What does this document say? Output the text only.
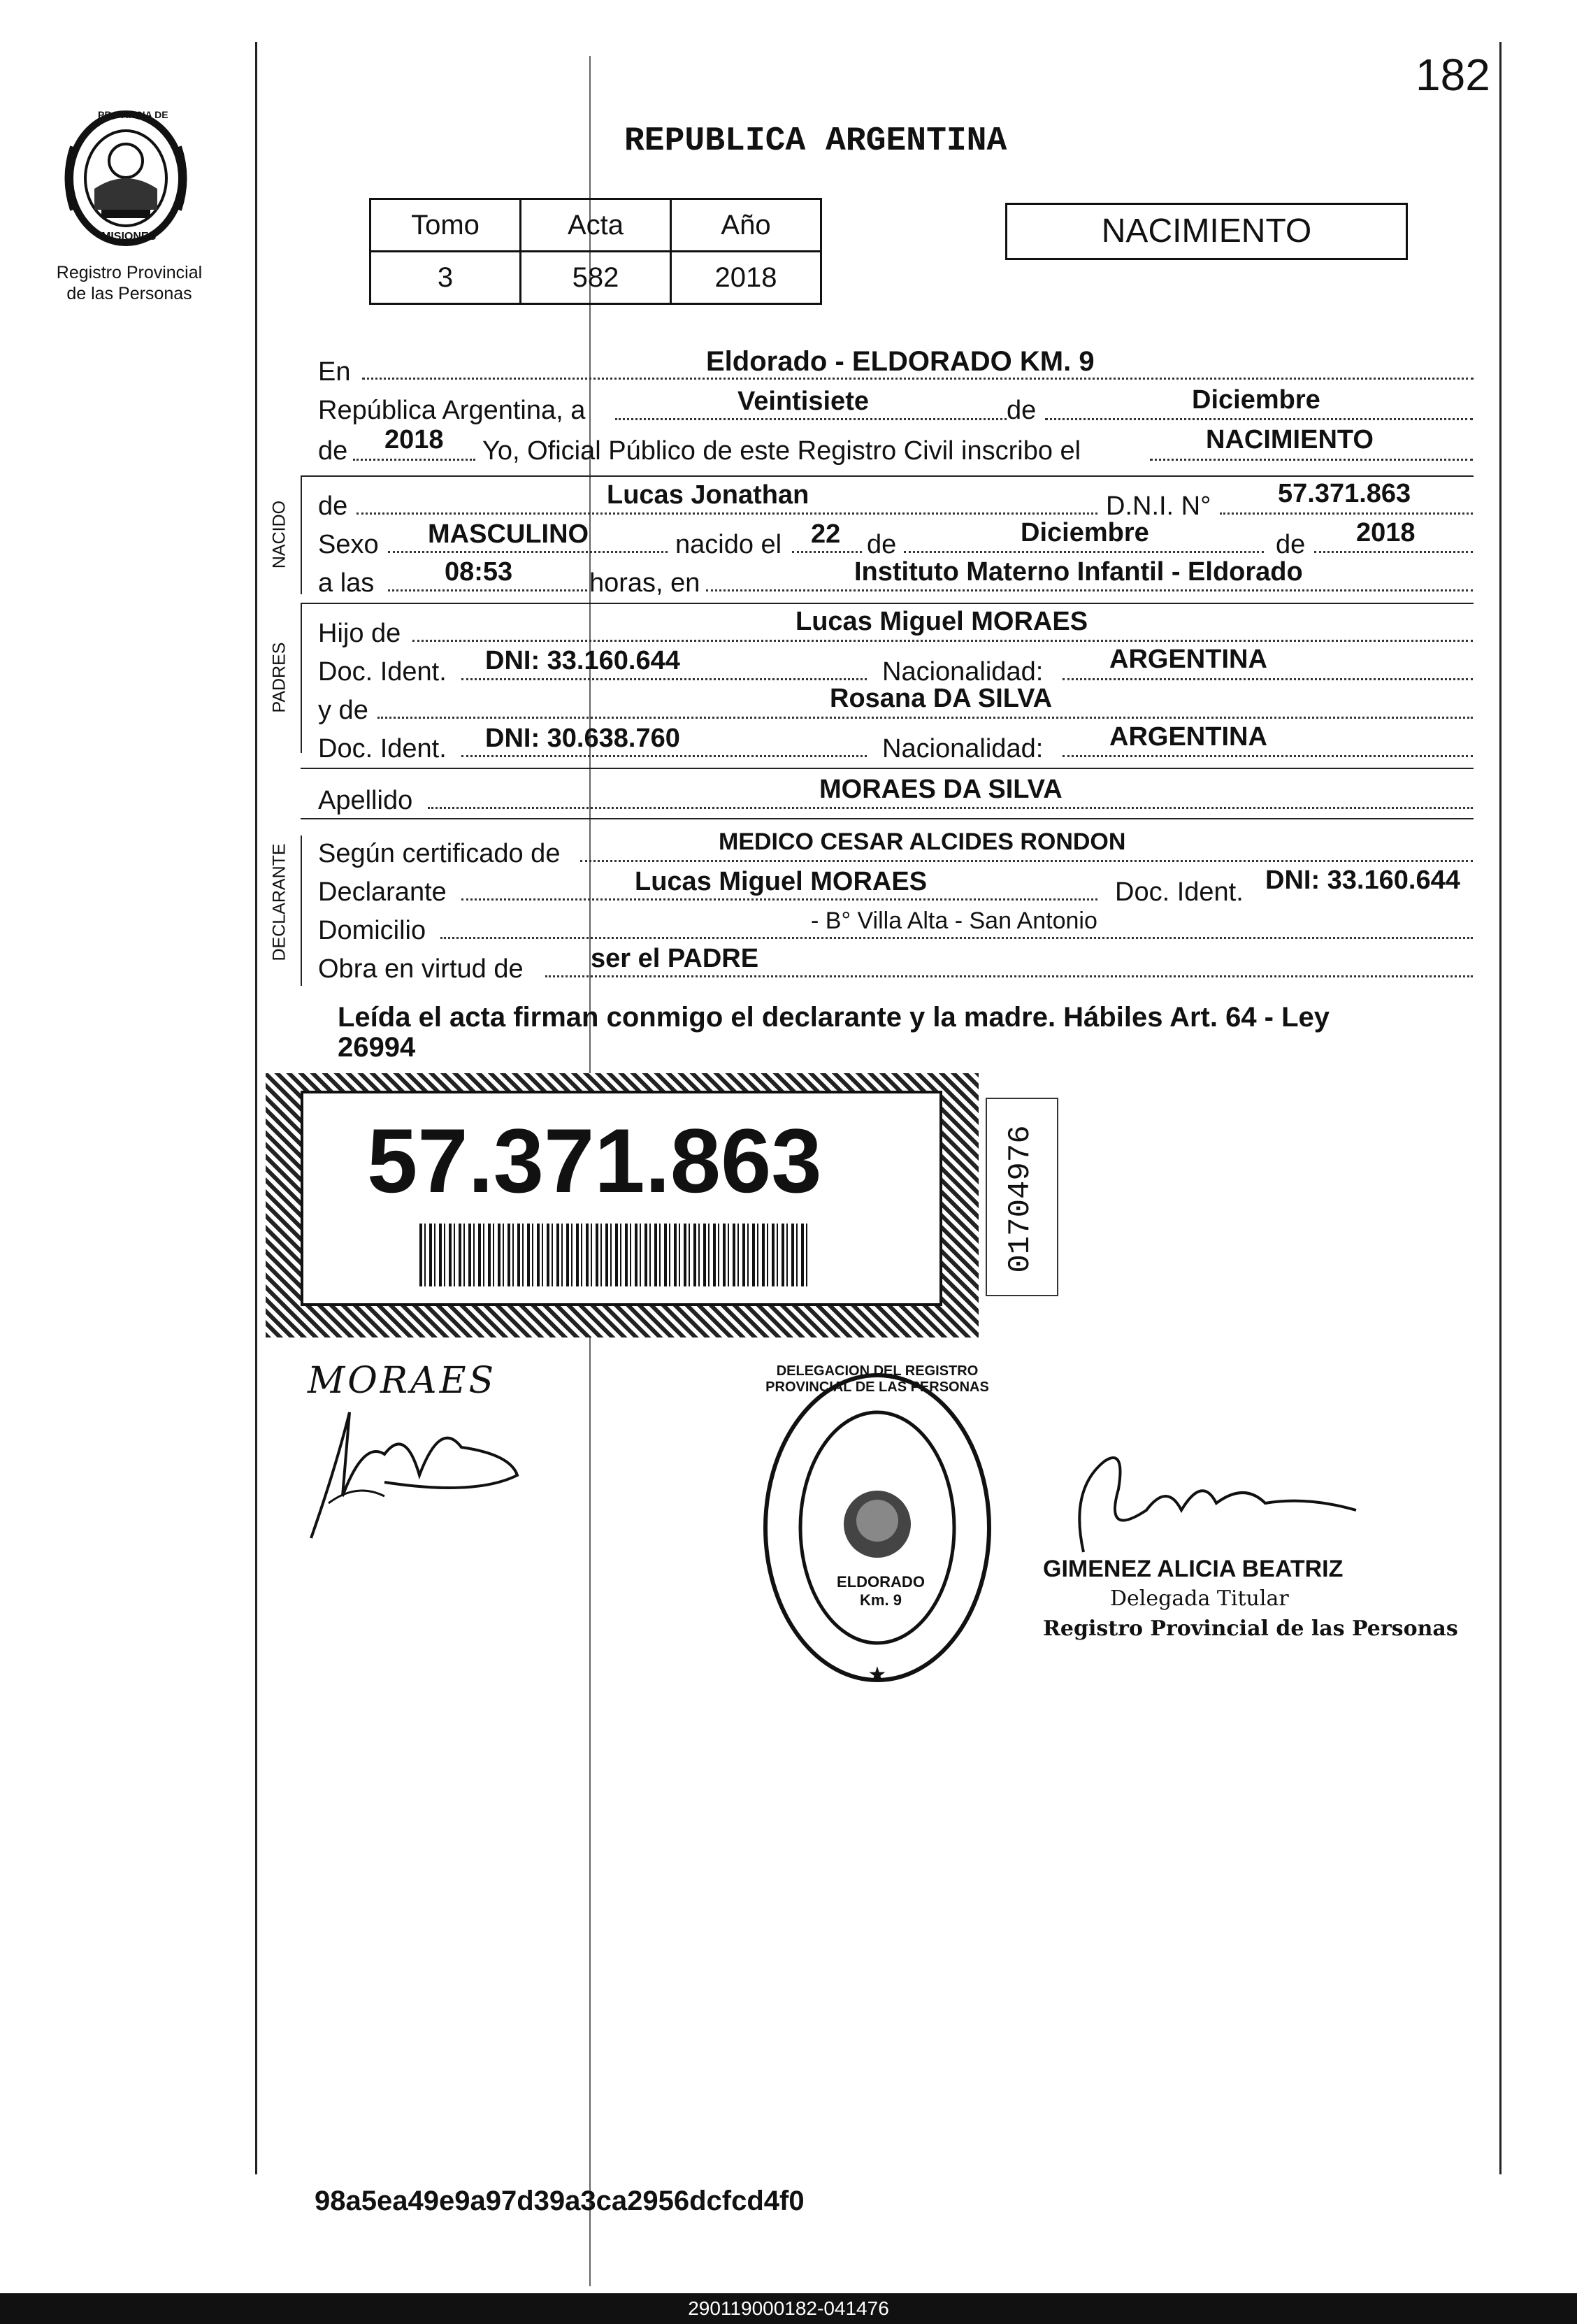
182
PROVINCIA DE
MISIONES
Registro Provincial
de las Personas
REPUBLICA ARGENTINA
Tomo	Acta	Año
3	582	2018
NACIMIENTO
En	Eldorado - ELDORADO KM. 9
República Argentina, a	Veintisiete	de	Diciembre
de 2018 Yo, Oficial Público de este Registro Civil inscribo el	NACIMIENTO
NACIDO de	Lucas Jonathan	D.N.I. N°	57.371.863
Sexo MASCULINO	nacido el 22 de	Diciembre	de 2018
a las	08:53	horas, en	Instituto Materno Infantil - Eldorado
PADRES
Hijo de	Lucas Miguel MORAES
Doc. Ident. DNI: 33.160.644	Nacionalidad: ARGENTINA
y de	Rosana DA SILVA
Doc. Ident. DNI: 30.638.760	Nacionalidad: ARGENTINA
Apellido	MORAES DA SILVA
DECLARANTE Según certificado de	MEDICO CESAR ALCIDES RONDON
Declarante	Lucas Miguel MORAES	Doc. Ident. DNI: 33.160.644
Domicilio	- B° Villa Alta - San Antonio
Obra en virtud de	ser el PADRE
Leída el acta firman conmigo el declarante y la madre. Hábiles Art. 64 - Ley
26994
57.371.863	01704976
MORAES
★
DELEGACION DEL REGISTRO PROVINCIAL DE LAS PERSONAS
ELDORADO Km. 9
GIMENEZ ALICIA BEATRIZ
Delegada Titular
Registro Provincial de las Personas
98a5ea49e9a97d39a3ca2956dcfcd4f0
290119000182-041476
